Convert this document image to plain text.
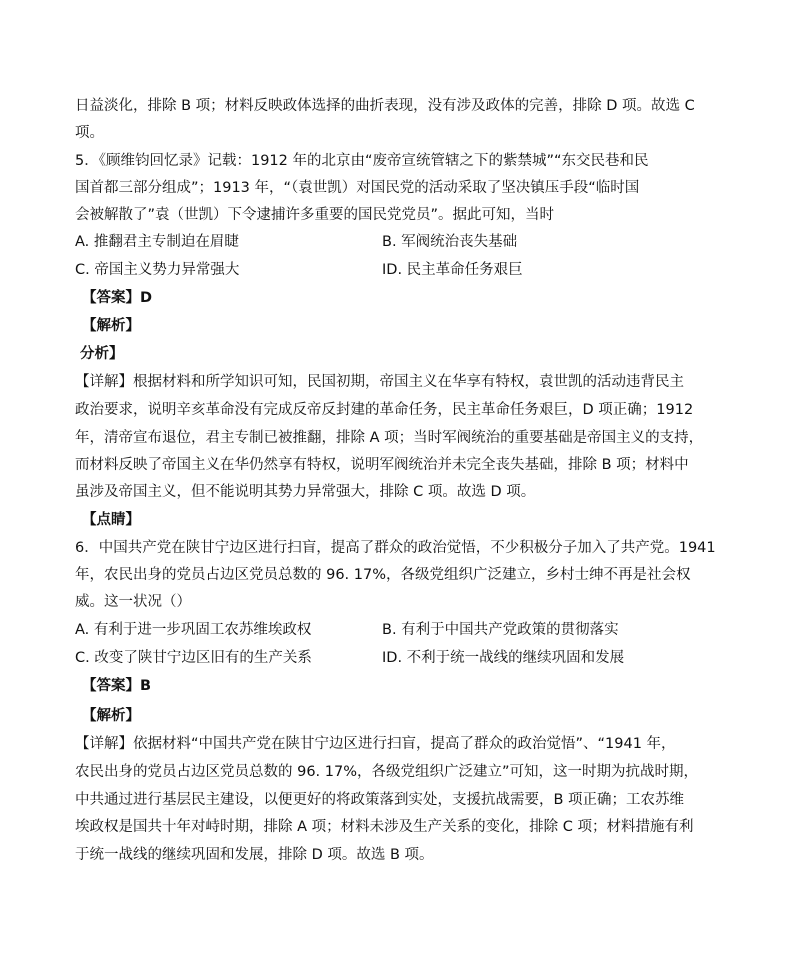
日益淡化，排除 B 项；材料反映政体选择的曲折表现，没有涉及政体的完善，排除 D 项。故选 C
项。
5．《顾维钧回忆录》记载：1912 年的北京由“废帝宣统管辖之下的紫禁城”“东交民巷和民
国首都三部分组成”；1913 年，“（袁世凯）对国民党的活动采取了坚决镇压手段“临时国
会被解散了”袁（世凯）下令逮捕许多重要的国民党党员”。据此可知，当时
A. 推翻君主专制迫在眉睫	B. 军阀统治丧失基础
C. 帝国主义势力异常强大	ID. 民主革命任务艰巨
【答案】D
【解析】
分析】
【详解】根据材料和所学知识可知，民国初期，帝国主义在华享有特权，袁世凯的活动违背民主
政治要求，说明辛亥革命没有完成反帝反封建的革命任务，民主革命任务艰巨，D 项正确；1912
年，清帝宣布退位，君主专制已被推翻，排除 A 项；当时军阀统治的重要基础是帝国主义的支持，
而材料反映了帝国主义在华仍然享有特权，说明军阀统治并未完全丧失基础，排除 B 项；材料中
虽涉及帝国主义，但不能说明其势力异常强大，排除 C 项。故选 D 项。
【点睛】
6．中国共产党在陕甘宁边区进行扫盲，提高了群众的政治觉悟，不少积极分子加入了共产党。1941
年，农民出身的党员占边区党员总数的 96. 17%，各级党组织广泛建立，乡村士绅不再是社会权
威。这一状况（）
A. 有利于进一步巩固工农苏维埃政权	B. 有利于中国共产党政策的贯彻落实
C. 改变了陕甘宁边区旧有的生产关系	ID. 不利于统一战线的继续巩固和发展
【答案】B
【解析】
【详解】依据材料“中国共产党在陕甘宁边区进行扫盲，提高了群众的政治觉悟”、“1941 年，
农民出身的党员占边区党员总数的 96. 17%，各级党组织广泛建立”可知，这一时期为抗战时期，
中共通过进行基层民主建设，以便更好的将政策落到实处，支援抗战需要，B 项正确；工农苏维
埃政权是国共十年对峙时期，排除 A 项；材料未涉及生产关系的变化，排除 C 项；材料措施有利
于统一战线的继续巩固和发展，排除 D 项。故选 B 项。
